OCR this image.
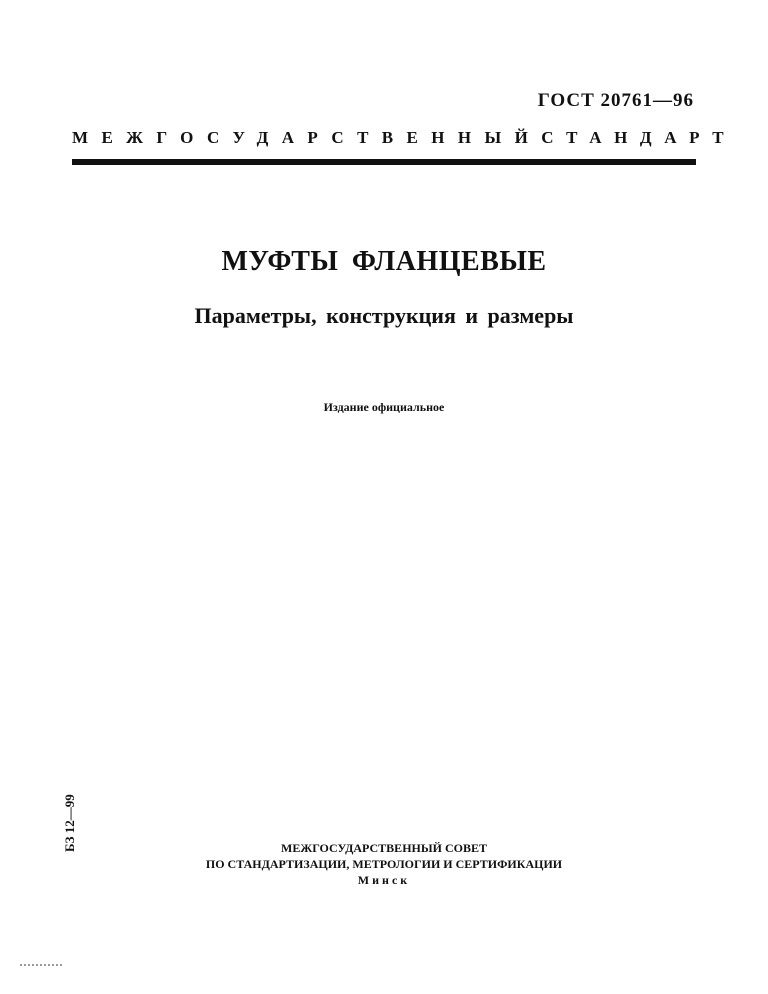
ГОСТ 20761—96
МЕЖГОСУДАРСТВЕННЫЙ СТАНДАРТ
МУФТЫ ФЛАНЦЕВЫЕ
Параметры, конструкция и размеры
Издание официальное
БЗ 12—99	МЕЖГОСУДАРСТВЕННЫЙ СОВЕТ
ПО СТАНДАРТИЗАЦИИ, МЕТРОЛОГИИ И СЕРТИФИКАЦИИ
Минск
